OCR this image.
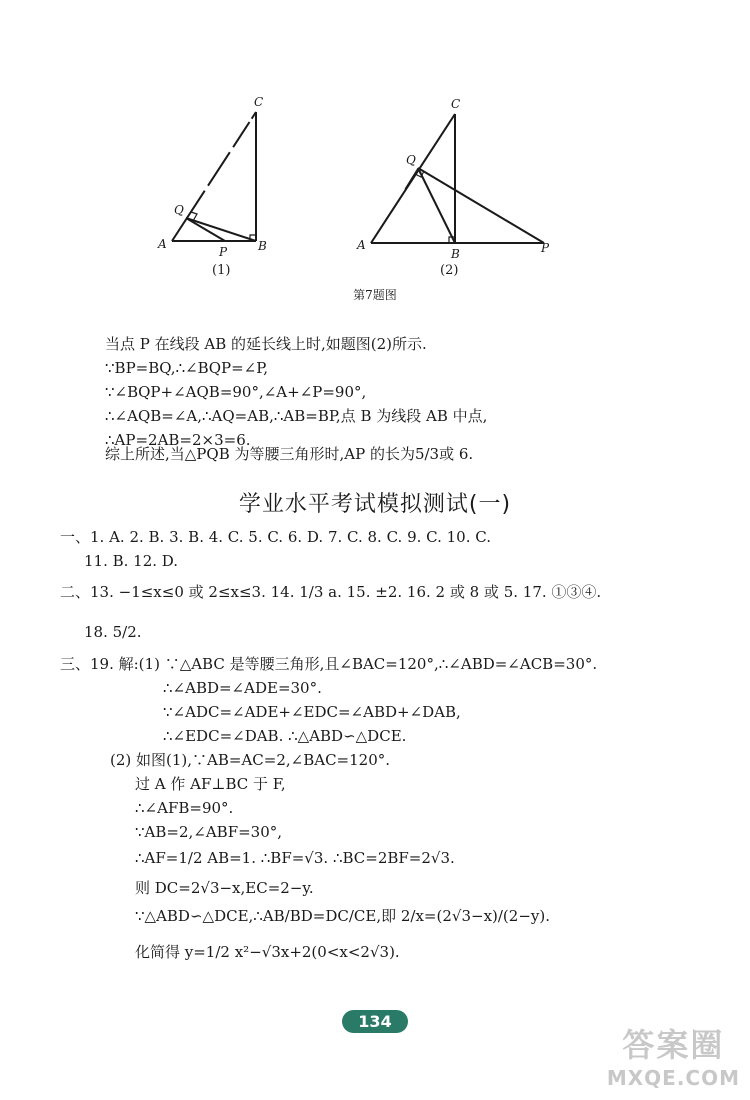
A	B
C
Q
P
(1)
A
B
C
Q
P
(2)
第7题图
当点 P 在线段 AB 的延长线上时,如题图(2)所示.
∵BP=BQ,∴∠BQP=∠P,
∵∠BQP+∠AQB=90°,∠A+∠P=90°,
∴∠AQB=∠A,∴AQ=AB,∴AB=BP,点 B 为线段 AB 中点,
∴AP=2AB=2×3=6.
综上所述,当△PQB 为等腰三角形时,AP 的长为5/3或 6.
学业水平考试模拟测试(一)
一、1. A. 2. B. 3. B. 4. C. 5. C. 6. D. 7. C. 8. C. 9. C. 10. C.
11. B. 12. D.
二、13. −1≤x≤0 或 2≤x≤3. 14. 1/3 a. 15. ±2. 16. 2 或 8 或 5. 17. ①③④.
18. 5/2.
三、19. 解:(1) ∵△ABC 是等腰三角形,且∠BAC=120°,∴∠ABD=∠ACB=30°.
∴∠ABD=∠ADE=30°.
∵∠ADC=∠ADE+∠EDC=∠ABD+∠DAB,
∴∠EDC=∠DAB. ∴△ABD∽△DCE.
(2) 如图(1),∵AB=AC=2,∠BAC=120°.
过 A 作 AF⊥BC 于 F,
∴∠AFB=90°.
∵AB=2,∠ABF=30°,
∴AF=1/2 AB=1. ∴BF=√3. ∴BC=2BF=2√3.
则 DC=2√3−x,EC=2−y.
∵△ABD∽△DCE,∴AB/BD=DC/CE,即 2/x=(2√3−x)/(2−y).
化简得 y=1/2 x²−√3x+2(0<x<2√3).
134
答案圈
MXQE.COM
